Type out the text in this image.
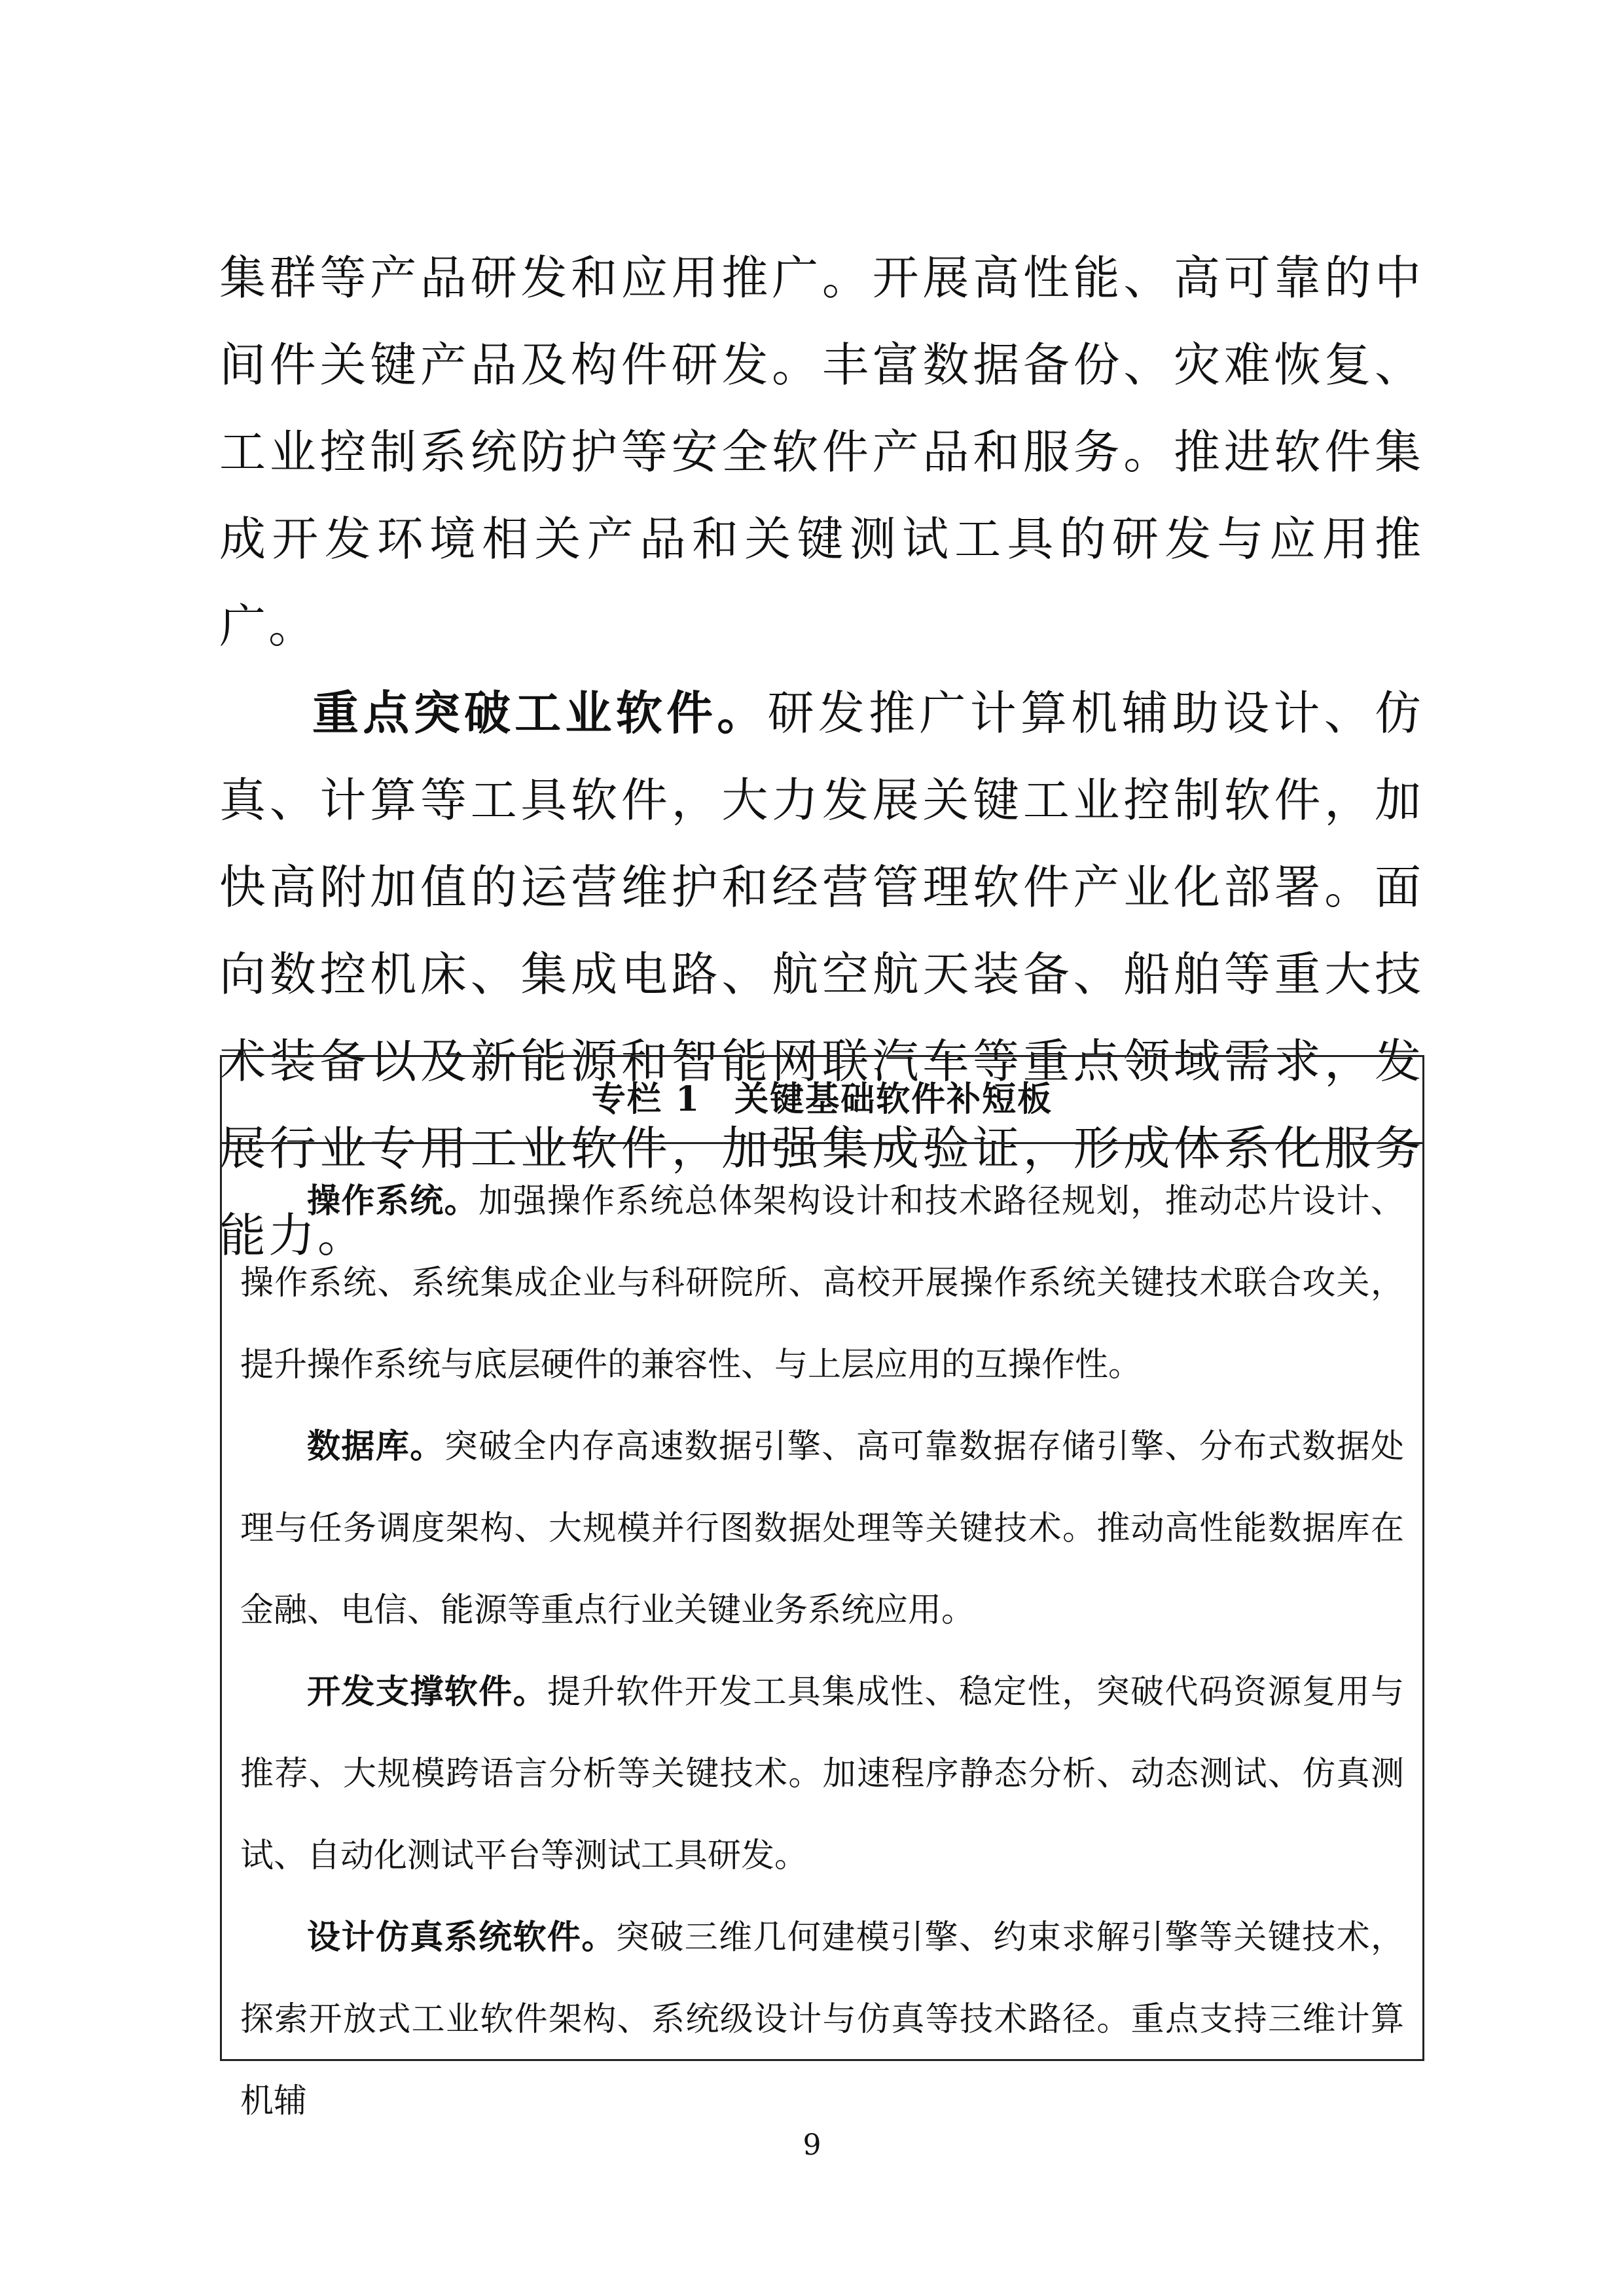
集群等产品研发和应用推广。开展高性能、高可靠的中间件关键产品及构件研发。丰富数据备份、灾难恢复、工业控制系统防护等安全软件产品和服务。推进软件集成开发环境相关产品和关键测试工具的研发与应用推广。

重点突破工业软件。研发推广计算机辅助设计、仿真、计算等工具软件，大力发展关键工业控制软件，加快高附加值的运营维护和经营管理软件产业化部署。面向数控机床、集成电路、航空航天装备、船舶等重大技术装备以及新能源和智能网联汽车等重点领域需求，发展行业专用工业软件，加强集成验证，形成体系化服务能力。

专栏 1 关键基础软件补短板

操作系统。加强操作系统总体架构设计和技术路径规划，推动芯片设计、操作系统、系统集成企业与科研院所、高校开展操作系统关键技术联合攻关，提升操作系统与底层硬件的兼容性、与上层应用的互操作性。

数据库。突破全内存高速数据引擎、高可靠数据存储引擎、分布式数据处理与任务调度架构、大规模并行图数据处理等关键技术。推动高性能数据库在金融、电信、能源等重点行业关键业务系统应用。

开发支撑软件。提升软件开发工具集成性、稳定性，突破代码资源复用与推荐、大规模跨语言分析等关键技术。加速程序静态分析、动态测试、仿真测试、自动化测试平台等测试工具研发。

设计仿真系统软件。突破三维几何建模引擎、约束求解引擎等关键技术，探索开放式工业软件架构、系统级设计与仿真等技术路径。重点支持三维计算机辅

9
